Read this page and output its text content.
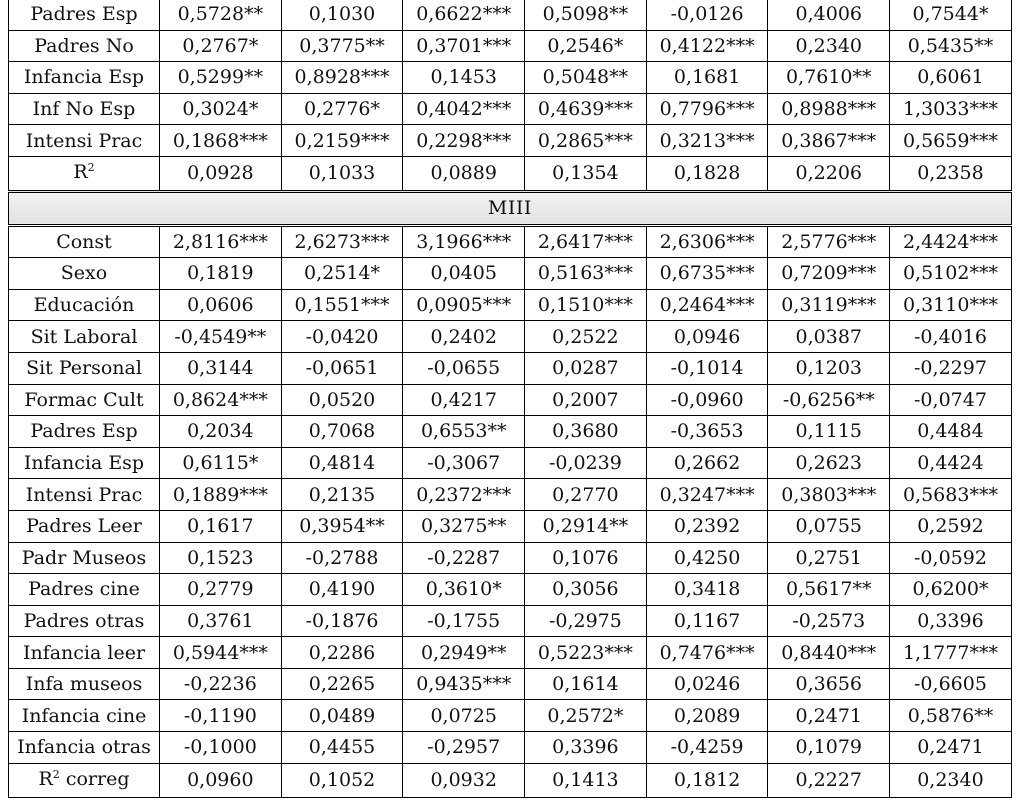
Padres Esp	0,5728**	0,1030	0,6622***	0,5098**	-0,0126	0,4006	0,7544*
Padres No	0,2767*	0,3775**	0,3701***	0,2546*	0,4122***	0,2340	0,5435**
Infancia Esp	0,5299**	0,8928***	0,1453	0,5048**	0,1681	0,7610**	0,6061
Inf No Esp	0,3024*	0,2776*	0,4042***	0,4639***	0,7796***	0,8988***	1,3033***
Intensi Prac	0,1868***	0,2159***	0,2298***	0,2865***	0,3213***	0,3867***	0,5659***
$R^2$	0,0928	0,1033	0,0889	0,1354	0,1828	0,2206	0,2358
MIII							
Const	2,8116***	2,6273***	3,1966***	2,6417***	2,6306***	2,5776***	2,4424***
Sexo	0,1819	0,2514*	0,0405	0,5163***	0,6735***	0,7209***	0,5102***
Educación	0,0606	0,1551***	0,0905***	0,1510***	0,2464***	0,3119***	0,3110***
Sit Laboral	-0,4549**	-0,0420	0,2402	0,2522	0,0946	0,0387	-0,4016
Sit Personal	0,3144	-0,0651	-0,0655	0,0287	-0,1014	0,1203	-0,2297
Formac Cult	0,8624***	0,0520	0,4217	0,2007	-0,0960	-0,6256**	-0,0747
Padres Esp	0,2034	0,7068	0,6553**	0,3680	-0,3653	0,1115	0,4484
Infancia Esp	0,6115*	0,4814	-0,3067	-0,0239	0,2662	0,2623	0,4424
Intensi Prac	0,1889***	0,2135	0,2372***	0,2770	0,3247***	0,3803***	0,5683***
Padres Leer	0,1617	0,3954**	0,3275**	0,2914**	0,2392	0,0755	0,2592
Padr Museos	0,1523	-0,2788	-0,2287	0,1076	0,4250	0,2751	-0,0592
Padres cine	0,2779	0,4190	0,3610*	0,3056	0,3418	0,5617**	0,6200*
Padres otras	0,3761	-0,1876	-0,1755	-0,2975	0,1167	-0,2573	0,3396
Infancia leer	0,5944***	0,2286	0,2949**	0,5223***	0,7476***	0,8440***	1,1777***
Infa museos	-0,2236	0,2265	0,9435***	0,1614	0,0246	0,3656	-0,6605
Infancia cine	-0,1190	0,0489	0,0725	0,2572*	0,2089	0,2471	0,5876**
Infancia otras	-0,1000	0,4455	-0,2957	0,3396	-0,4259	0,1079	0,2471
$R^2$ correg	0,0960	0,1052	0,0932	0,1413	0,1812	0,2227	0,2340
